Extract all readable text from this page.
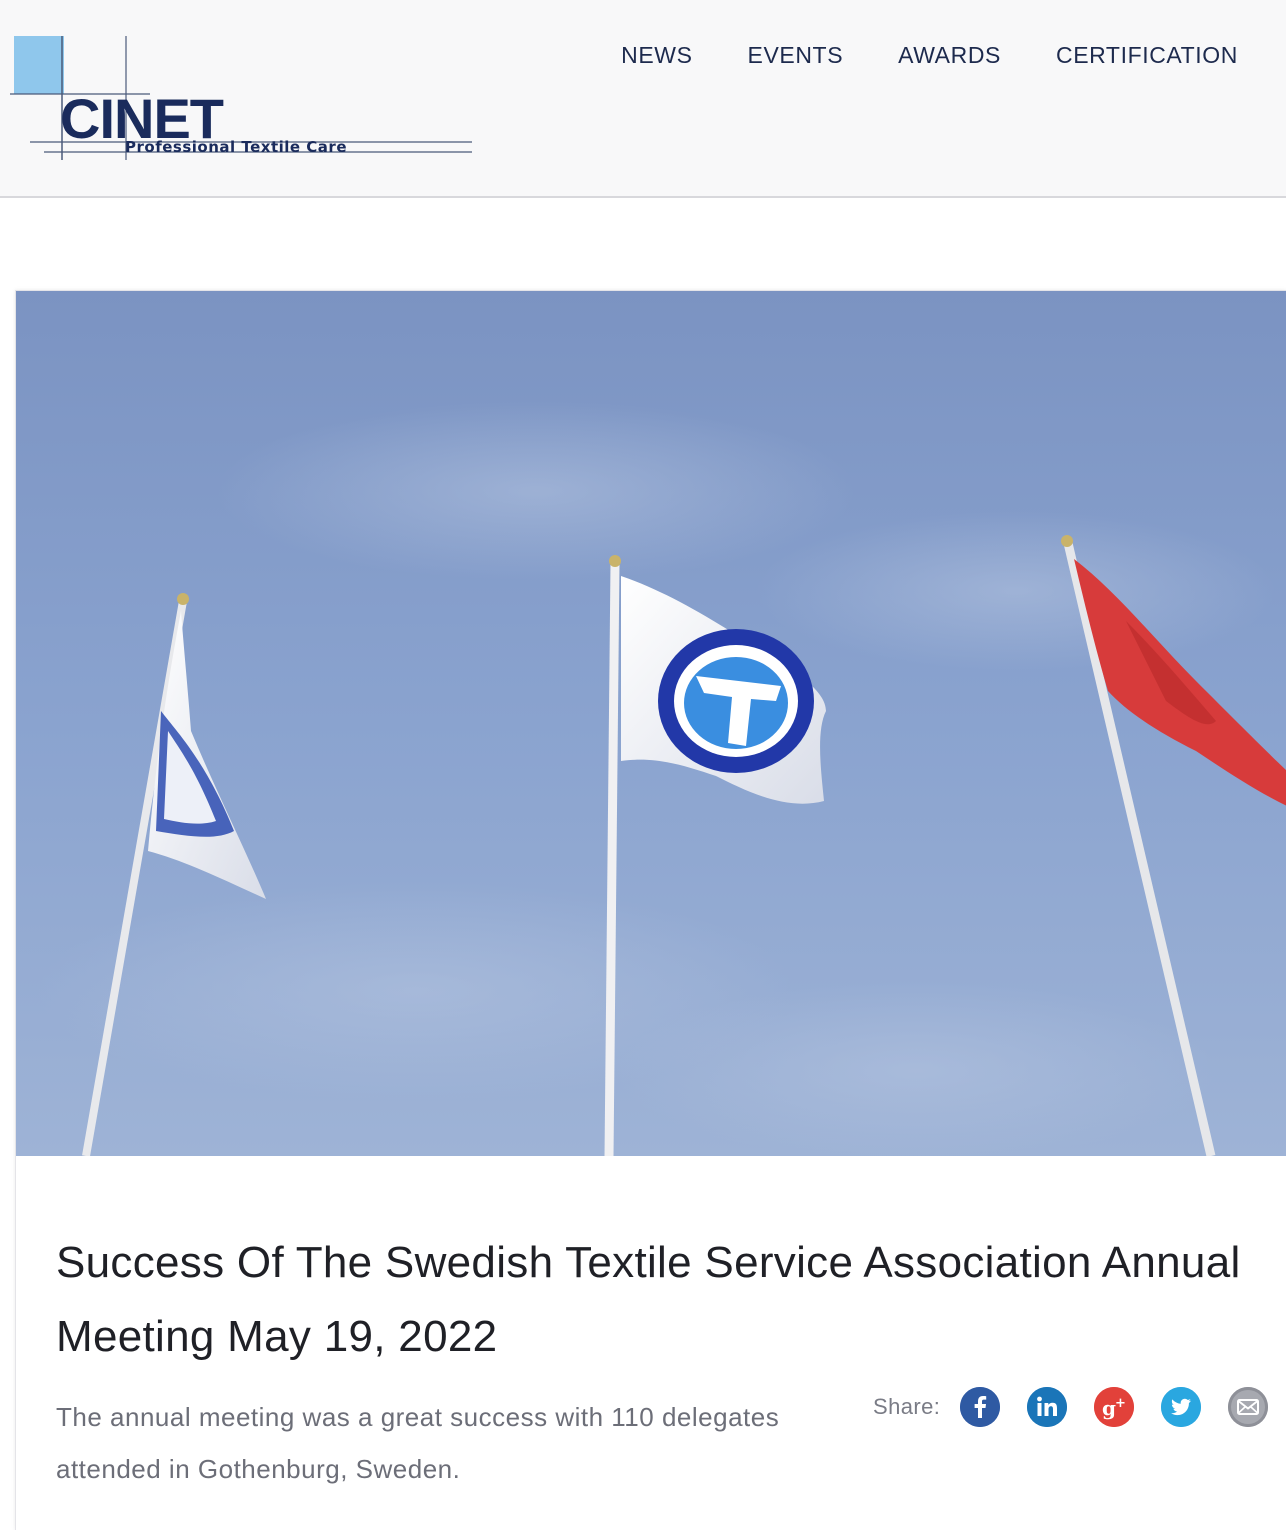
CINET
Professional Textile Care
NEWS EVENTS AWARDS CERTIFICATION
Success Of The Swedish Textile Service Association Annual Meeting May 19, 2022

The annual meeting was a great success with 110 delegates attended in Gothenburg, Sweden.

Share:	g +
